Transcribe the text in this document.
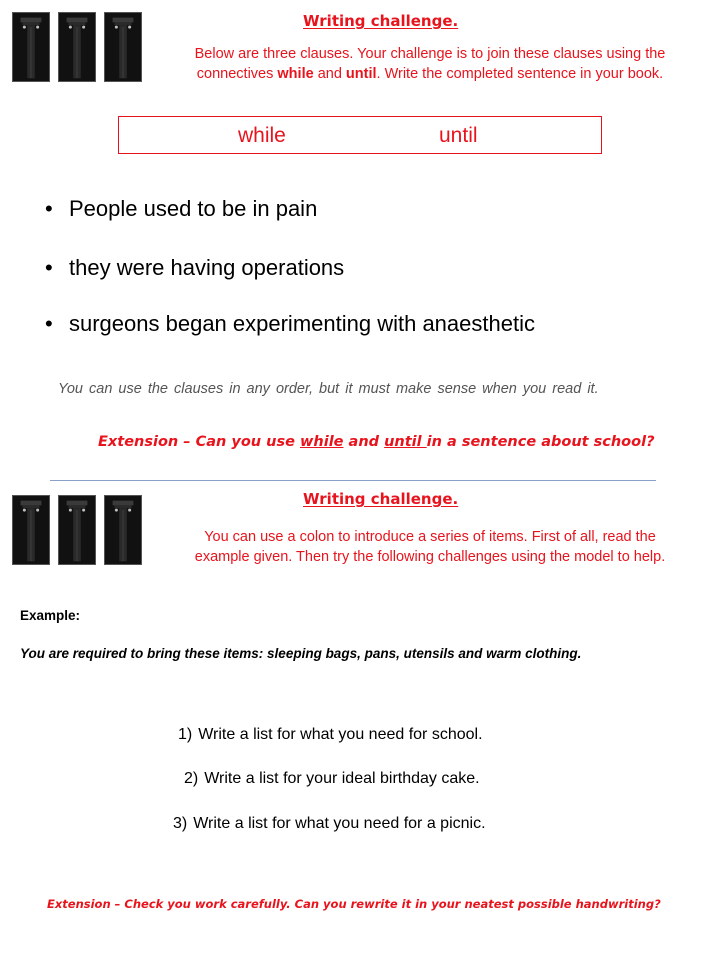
Writing challenge.
Below are three clauses. Your challenge is to join these clauses using the
connectives while and until. Write the completed sentence in your book.
while	until
• People used to be in pain
• they were having operations
• surgeons began experimenting with anaesthetic
You can use the clauses in any order, but it must make sense when you read it.
Extension – Can you use while and until in a sentence about school?
Writing challenge.
You can use a colon to introduce a series of items. First of all, read the
example given. Then try the following challenges using the model to help.
Example:
You are required to bring these items: sleeping bags, pans, utensils and warm clothing.
1) Write a list for what you need for school.
2) Write a list for your ideal birthday cake.
3) Write a list for what you need for a picnic.
Extension – Check you work carefully. Can you rewrite it in your neatest possible handwriting?
